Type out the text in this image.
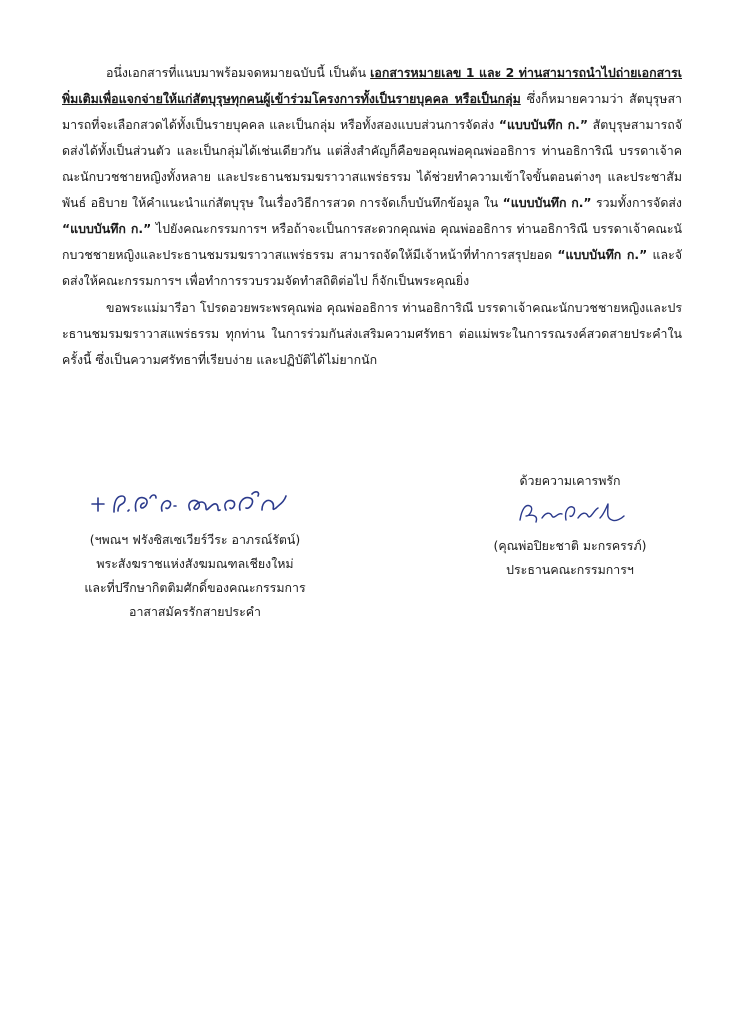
อนึ่งเอกสารที่แนบมาพร้อมจดหมายฉบับนี้ เป็นต้น เอกสารหมายเลข 1 และ 2 ท่านสามารถนำไปถ่ายเอกสารเพิ่มเติมเพื่อแจกจ่ายให้แก่สัตบุรุษทุกคนผู้เข้าร่วมโครงการทั้งเป็นรายบุคคล หรือเป็นกลุ่ม ซึ่งก็หมายความว่า สัตบุรุษสามารถที่จะเลือกสวดได้ทั้งเป็นรายบุคคล และเป็นกลุ่ม หรือทั้งสองแบบส่วนการจัดส่ง “แบบบันทึก ก.” สัตบุรุษสามารถจัดส่งได้ทั้งเป็นส่วนตัว และเป็นกลุ่มได้เช่นเดียวกัน แต่สิ่งสำคัญก็คือขอคุณพ่อคุณพ่ออธิการ ท่านอธิการิณี บรรดาเจ้าคณะนักบวชชายหญิงทั้งหลาย และประธานชมรมฆราวาสแพร่ธรรม ได้ช่วยทำความเข้าใจขั้นตอนต่างๆ และประชาสัมพันธ์ อธิบาย ให้คำแนะนำแก่สัตบุรุษ ในเรื่องวิธีการสวด การจัดเก็บบันทึกข้อมูล ใน “แบบบันทึก ก.” รวมทั้งการจัดส่ง “แบบบันทึก ก.” ไปยังคณะกรรมการฯ หรือถ้าจะเป็นการสะดวกคุณพ่อ คุณพ่ออธิการ ท่านอธิการิณี บรรดาเจ้าคณะนักบวชชายหญิงและประธานชมรมฆราวาสแพร่ธรรม สามารถจัดให้มีเจ้าหน้าที่ทำการสรุปยอด “แบบบันทึก ก.” และจัดส่งให้คณะกรรมการฯ เพื่อทำการรวบรวมจัดทำสถิติต่อไป ก็จักเป็นพระคุณยิ่ง

ขอพระแม่มารีอา โปรดอวยพระพรคุณพ่อ คุณพ่ออธิการ ท่านอธิการิณี บรรดาเจ้าคณะนักบวชชายหญิงและประธานชมรมฆราวาสแพร่ธรรม ทุกท่าน ในการร่วมกันส่งเสริมความศรัทธา ต่อแม่พระในการรณรงค์สวดสายประคำในครั้งนี้ ซึ่งเป็นความศรัทธาที่เรียบง่าย และปฏิบัติได้ไม่ยากนัก

ด้วยความเคารพรัก
+ ฟ.วีระ อาภรณ์รัตน์
(ฯพณฯ ฟรังซิสเซเวียร์วีระ อาภรณ์รัตน์)
พระสังฆราชแห่งสังฆมณฑลเชียงใหม่
และที่ปรึกษากิตติมศักดิ์ของคณะกรรมการ
อาสาสมัครรักสายประคำ
(คุณพ่อปิยะชาติ มะกรครรภ์)
ประธานคณะกรรมการฯ
